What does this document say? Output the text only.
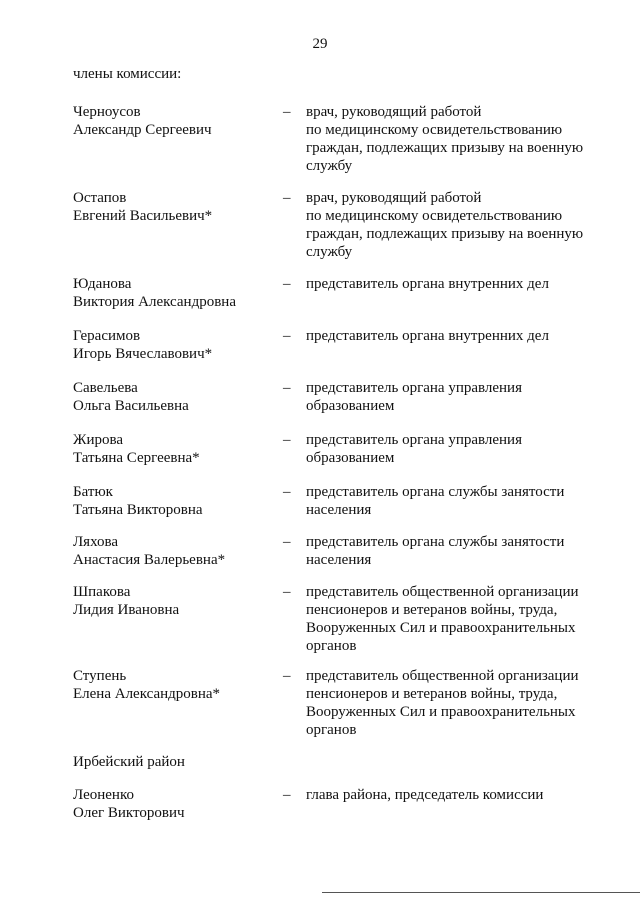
29
члены комиссии:
Черноусов
Александр Сергеевич
– врач, руководящий работой
по медицинскому освидетельствованию
граждан, подлежащих призыву на военную
службу
Остапов
Евгений Васильевич*
– врач, руководящий работой
по медицинскому освидетельствованию
граждан, подлежащих призыву на военную
службу
Юданова
Виктория Александровна
– представитель органа внутренних дел
Герасимов
Игорь Вячеславович*
– представитель органа внутренних дел
Савельева
Ольга Васильевна
– представитель органа управления
образованием
Жирова
Татьяна Сергеевна*
– представитель органа управления
образованием
Батюк
Татьяна Викторовна
– представитель органа службы занятости
населения
Ляхова
Анастасия Валерьевна*
– представитель органа службы занятости
населения
Шпакова
Лидия Ивановна
– представитель общественной организации
пенсионеров и ветеранов войны, труда,
Вооруженных Сил и правоохранительных
органов
Ступень
Елена Александровна*
– представитель общественной организации
пенсионеров и ветеранов войны, труда,
Вооруженных Сил и правоохранительных
органов
Ирбейский район
Леоненко
Олег Викторович
– глава района, председатель комиссии
